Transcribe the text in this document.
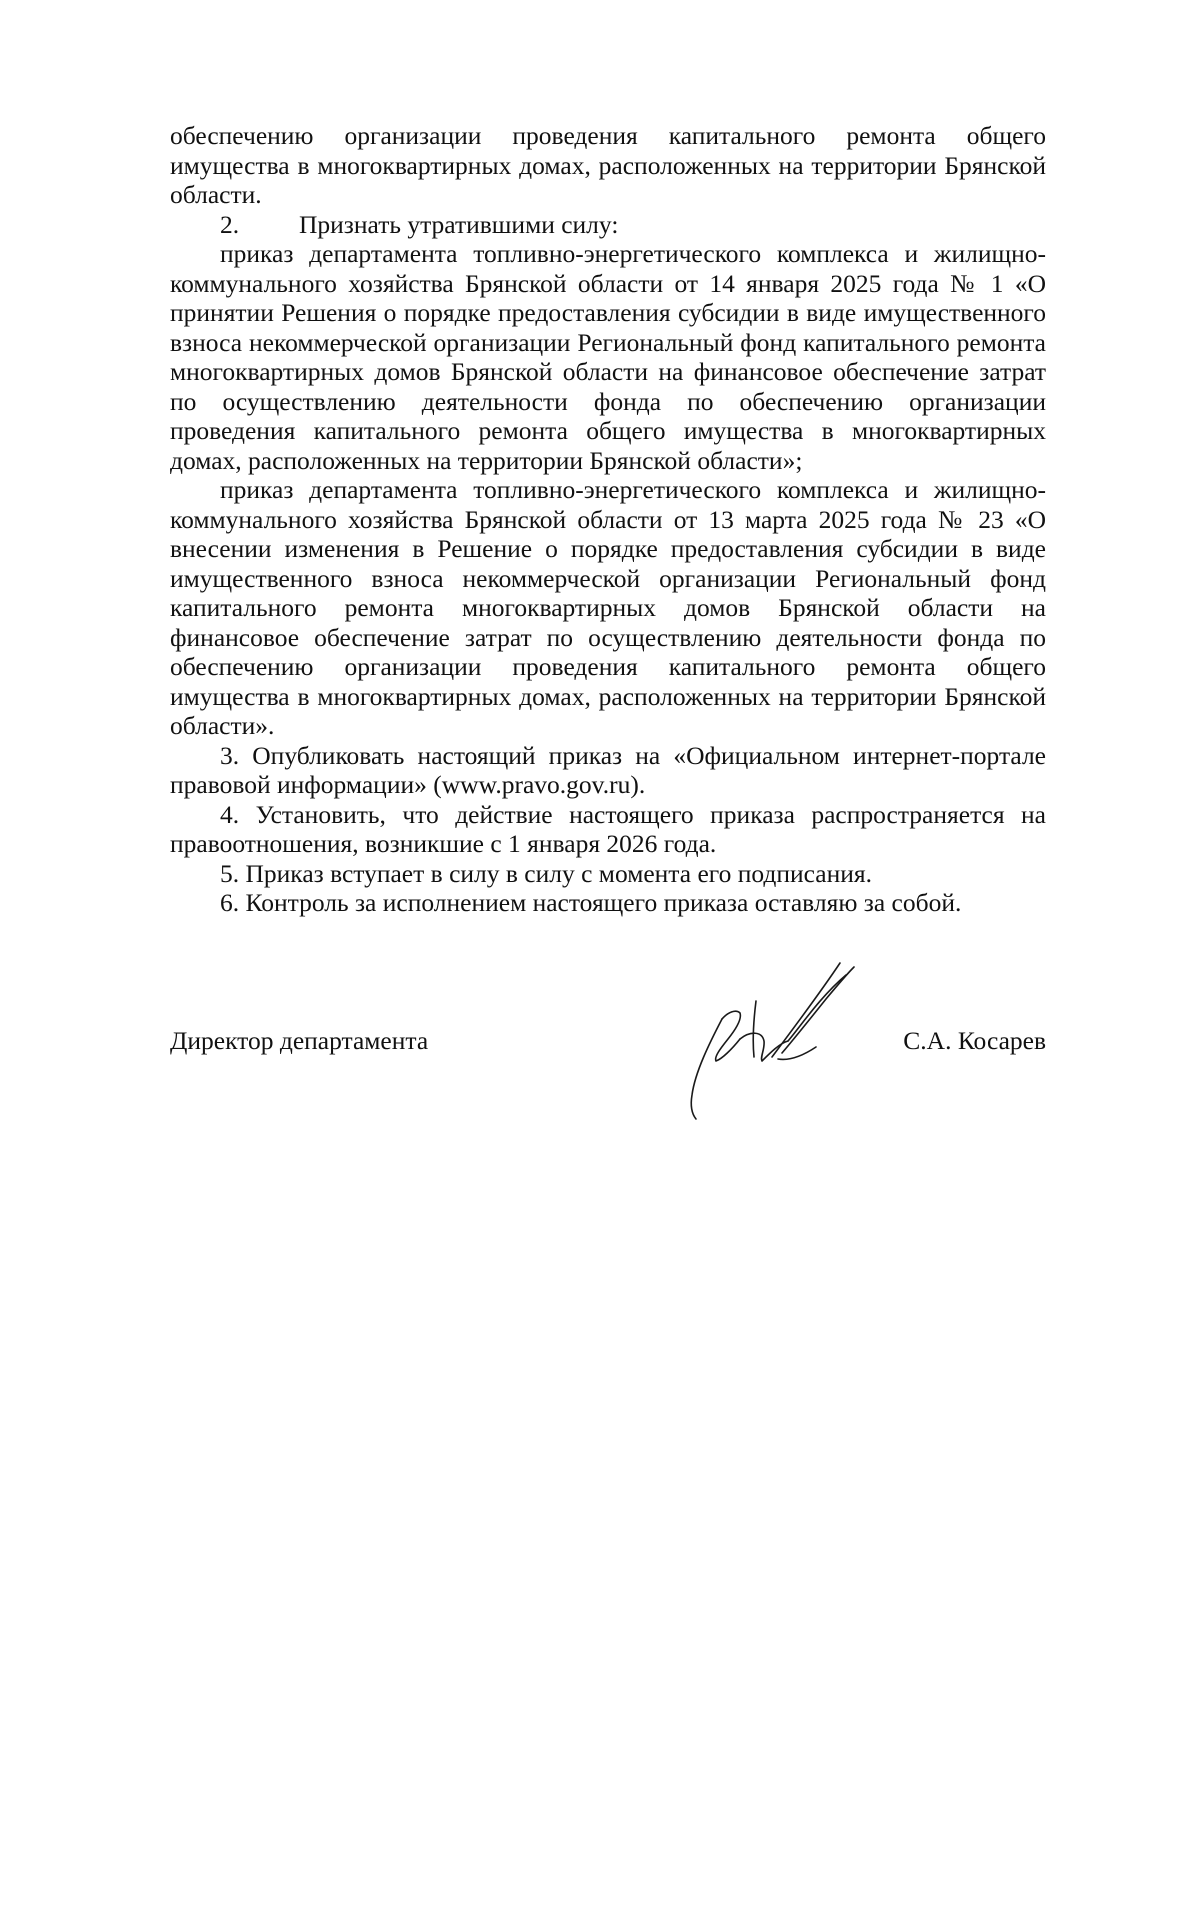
обеспечению организации проведения капитального ремонта общего имущества в многоквартирных домах, расположенных на территории Брянской области.

2. Признать утратившими силу:

приказ департамента топливно-энергетического комплекса и жилищно-коммунального хозяйства Брянской области от 14 января 2025 года № 1 «О принятии Решения о порядке предоставления субсидии в виде имущественного взноса некоммерческой организации Региональный фонд капитального ремонта многоквартирных домов Брянской области на финансовое обеспечение затрат по осуществлению деятельности фонда по обеспечению организации проведения капитального ремонта общего имущества в многоквартирных домах, расположенных на территории Брянской области»;

приказ департамента топливно-энергетического комплекса и жилищно-коммунального хозяйства Брянской области от 13 марта 2025 года № 23 «О внесении изменения в Решение о порядке предоставления субсидии в виде имущественного взноса некоммерческой организации Региональный фонд капитального ремонта многоквартирных домов Брянской области на финансовое обеспечение затрат по осуществлению деятельности фонда по обеспечению организации проведения капитального ремонта общего имущества в многоквартирных домах, расположенных на территории Брянской области».

3. Опубликовать настоящий приказ на «Официальном интернет-портале правовой информации» (www.pravo.gov.ru).

4. Установить, что действие настоящего приказа распространяется на правоотношения, возникшие с 1 января 2026 года.

5. Приказ вступает в силу в силу с момента его подписания.

6. Контроль за исполнением настоящего приказа оставляю за собой.

Директор департамента	С.А. Косарев
